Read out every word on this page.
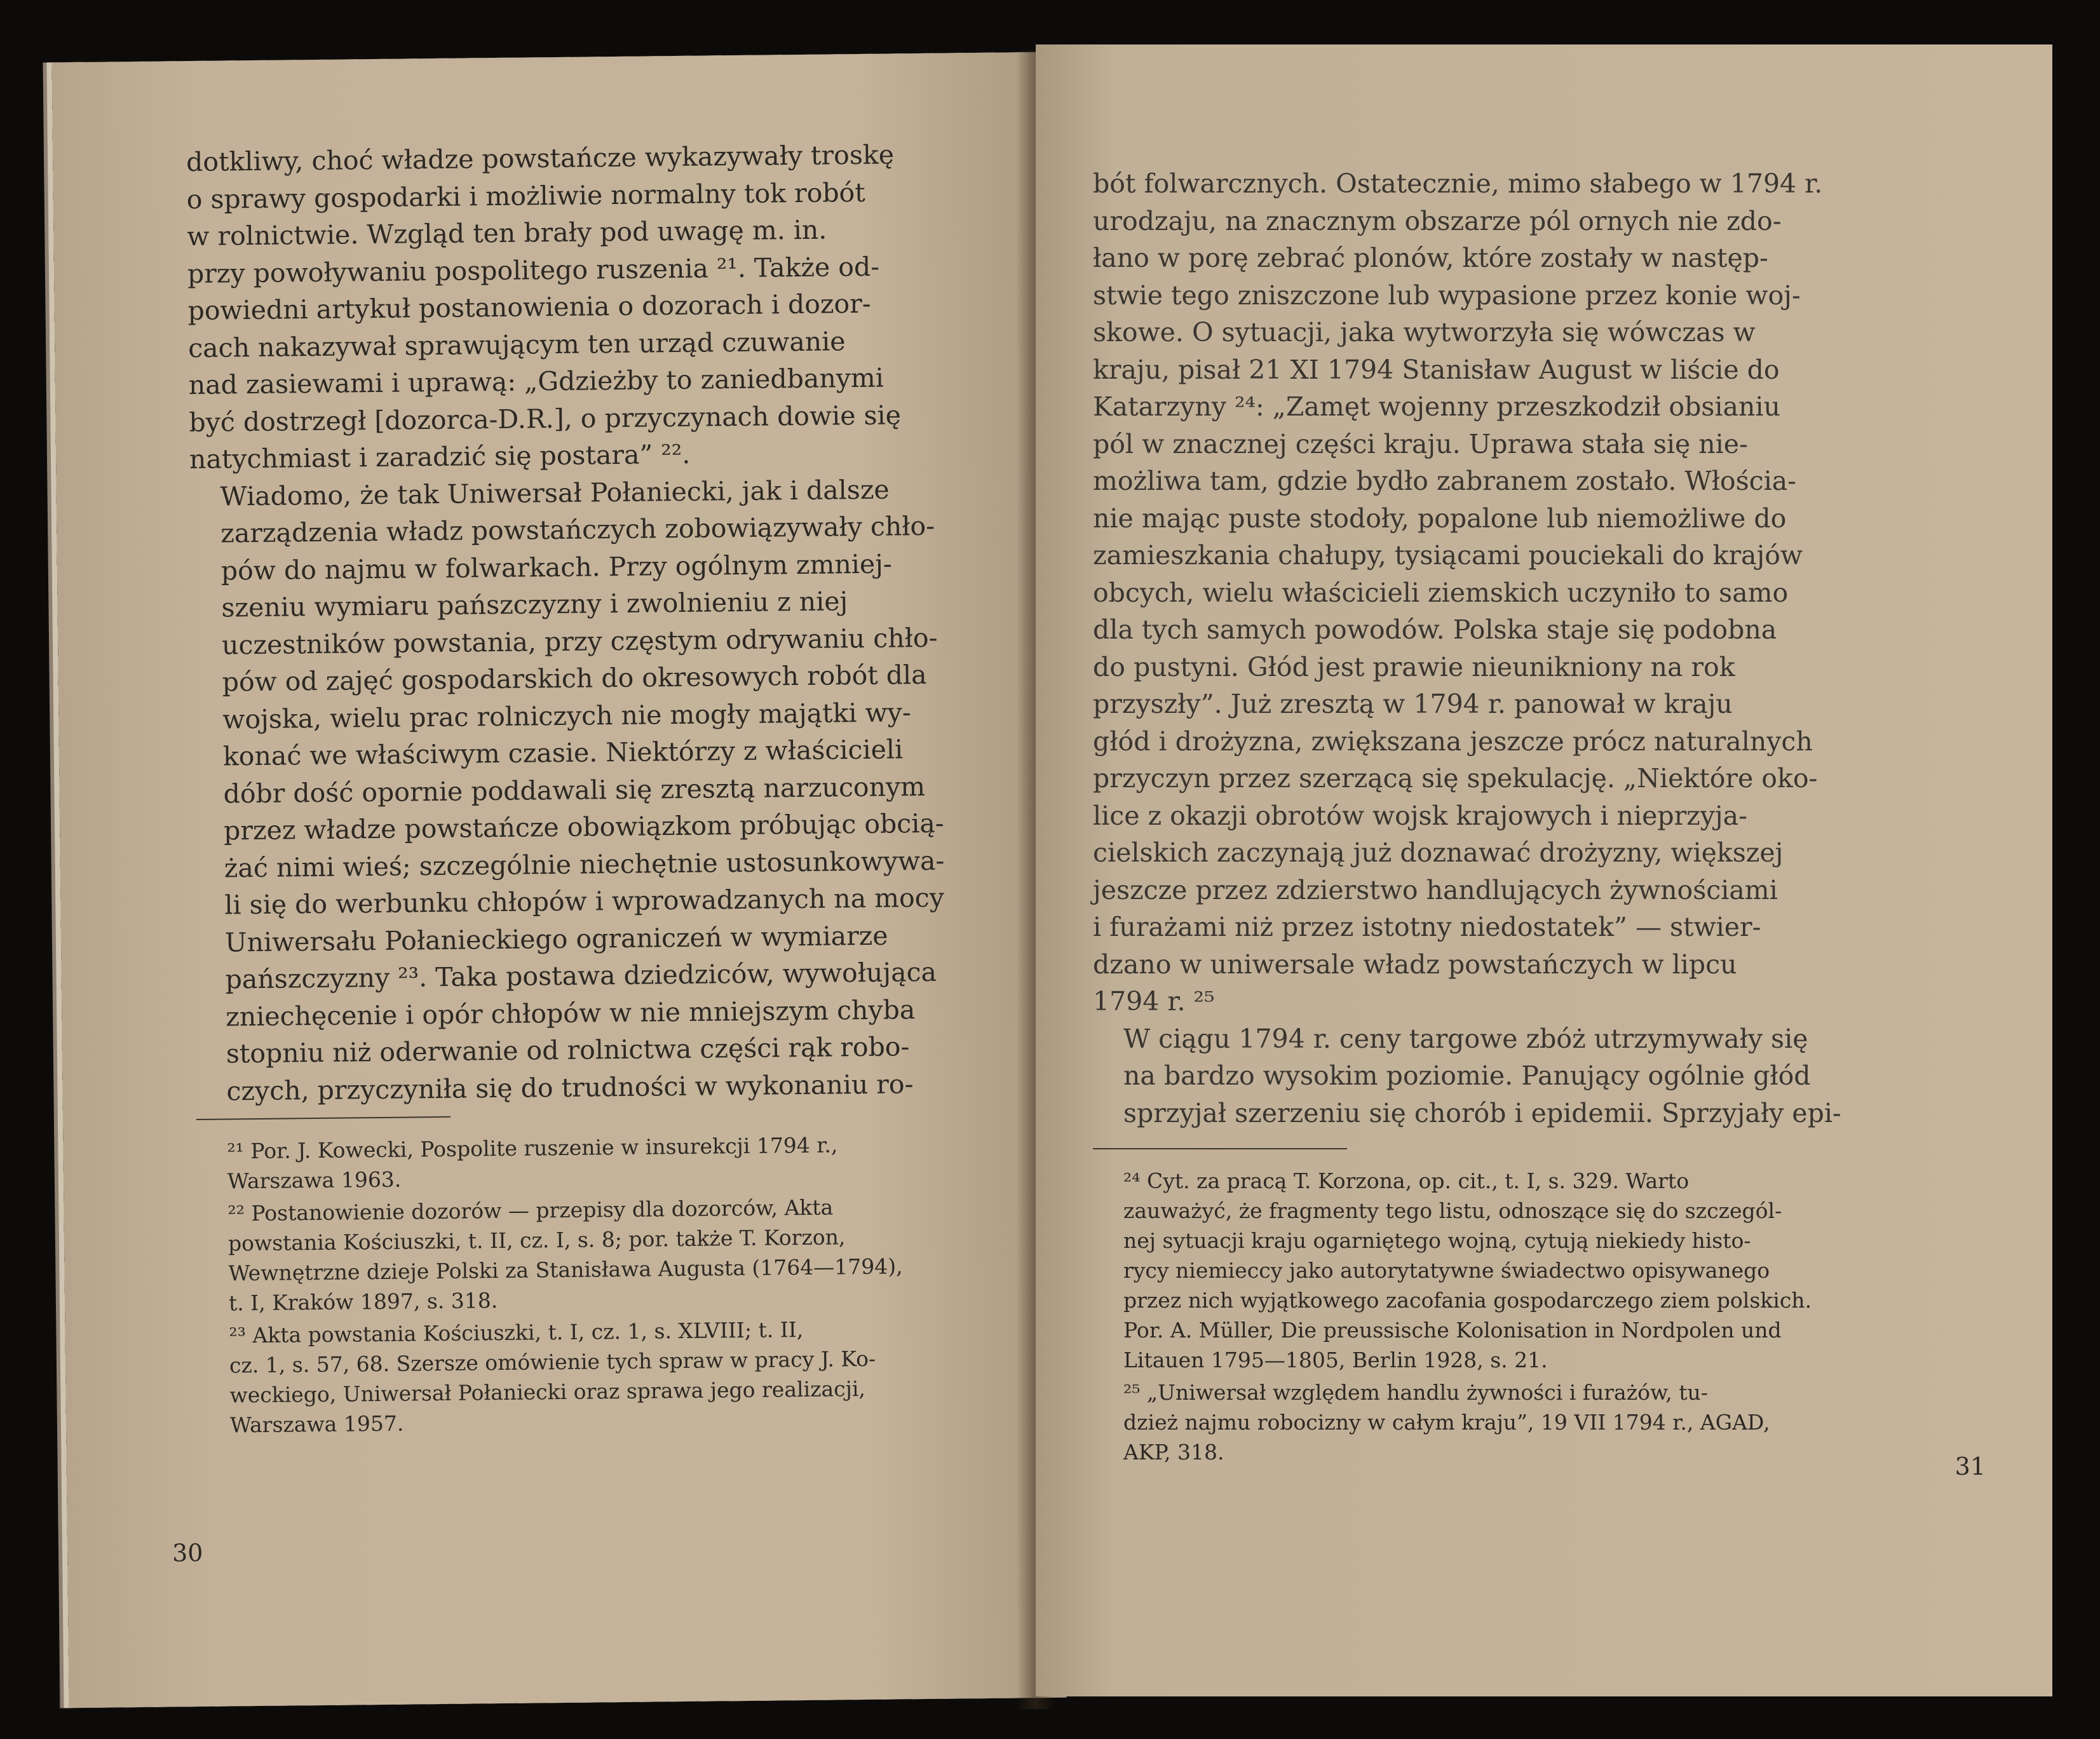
dotkliwy, choć władze powstańcze wykazywały troskę
o sprawy gospodarki i możliwie normalny tok robót
w rolnictwie. Wzgląd ten brały pod uwagę m. in.
przy powoływaniu pospolitego ruszenia ²¹. Także od-
powiedni artykuł postanowienia o dozorach i dozor-
cach nakazywał sprawującym ten urząd czuwanie
nad zasiewami i uprawą: „Gdzieżby to zaniedbanymi
być dostrzegł [dozorca-D.R.], o przyczynach dowie się
natychmiast i zaradzić się postara” ²².

Wiadomo, że tak Uniwersał Połaniecki, jak i dalsze
zarządzenia władz powstańczych zobowiązywały chło-
pów do najmu w folwarkach. Przy ogólnym zmniej-
szeniu wymiaru pańszczyzny i zwolnieniu z niej
uczestników powstania, przy częstym odrywaniu chło-
pów od zajęć gospodarskich do okresowych robót dla
wojska, wielu prac rolniczych nie mogły majątki wy-
konać we właściwym czasie. Niektórzy z właścicieli
dóbr dość opornie poddawali się zresztą narzuconym
przez władze powstańcze obowiązkom próbując obcią-
żać nimi wieś; szczególnie niechętnie ustosunkowywa-
li się do werbunku chłopów i wprowadzanych na mocy
Uniwersału Połanieckiego ograniczeń w wymiarze
pańszczyzny ²³. Taka postawa dziedziców, wywołująca
zniechęcenie i opór chłopów w nie mniejszym chyba
stopniu niż oderwanie od rolnictwa części rąk robo-
czych, przyczyniła się do trudności w wykonaniu ro-

²¹ Por. J. Kowecki, Pospolite ruszenie w insurekcji 1794 r.,
Warszawa 1963.

²² Postanowienie dozorów — przepisy dla dozorców, Akta
powstania Kościuszki, t. II, cz. I, s. 8; por. także T. Korzon,
Wewnętrzne dzieje Polski za Stanisława Augusta (1764—1794),
t. I, Kraków 1897, s. 318.

²³ Akta powstania Kościuszki, t. I, cz. 1, s. XLVIII; t. II,
cz. 1, s. 57, 68. Szersze omówienie tych spraw w pracy J. Ko-
weckiego, Uniwersał Połaniecki oraz sprawa jego realizacji,
Warszawa 1957.

30

bót folwarcznych. Ostatecznie, mimo słabego w 1794 r.
urodzaju, na znacznym obszarze pól ornych nie zdo-
łano w porę zebrać plonów, które zostały w następ-
stwie tego zniszczone lub wypasione przez konie woj-
skowe. O sytuacji, jaka wytworzyła się wówczas w
kraju, pisał 21 XI 1794 Stanisław August w liście do
Katarzyny ²⁴: „Zamęt wojenny przeszkodził obsianiu
pól w znacznej części kraju. Uprawa stała się nie-
możliwa tam, gdzie bydło zabranem zostało. Włościa-
nie mając puste stodoły, popalone lub niemożliwe do
zamieszkania chałupy, tysiącami pouciekali do krajów
obcych, wielu właścicieli ziemskich uczyniło to samo
dla tych samych powodów. Polska staje się podobna
do pustyni. Głód jest prawie nieunikniony na rok
przyszły”. Już zresztą w 1794 r. panował w kraju
głód i drożyzna, zwiększana jeszcze prócz naturalnych
przyczyn przez szerzącą się spekulację. „Niektóre oko-
lice z okazji obrotów wojsk krajowych i nieprzyja-
cielskich zaczynają już doznawać drożyzny, większej
jeszcze przez zdzierstwo handlujących żywnościami
i furażami niż przez istotny niedostatek” — stwier-
dzano w uniwersale władz powstańczych w lipcu
1794 r. ²⁵

W ciągu 1794 r. ceny targowe zbóż utrzymywały się
na bardzo wysokim poziomie. Panujący ogólnie głód
sprzyjał szerzeniu się chorób i epidemii. Sprzyjały epi-

²⁴ Cyt. za pracą T. Korzona, op. cit., t. I, s. 329. Warto
zauważyć, że fragmenty tego listu, odnoszące się do szczegól-
nej sytuacji kraju ogarniętego wojną, cytują niekiedy histo-
rycy niemieccy jako autorytatywne świadectwo opisywanego
przez nich wyjątkowego zacofania gospodarczego ziem polskich.
Por. A. Müller, Die preussische Kolonisation in Nordpolen und
Litauen 1795—1805, Berlin 1928, s. 21.

²⁵ „Uniwersał względem handlu żywności i furażów, tu-
dzież najmu robocizny w całym kraju”, 19 VII 1794 r., AGAD,
AKP, 318.

31
